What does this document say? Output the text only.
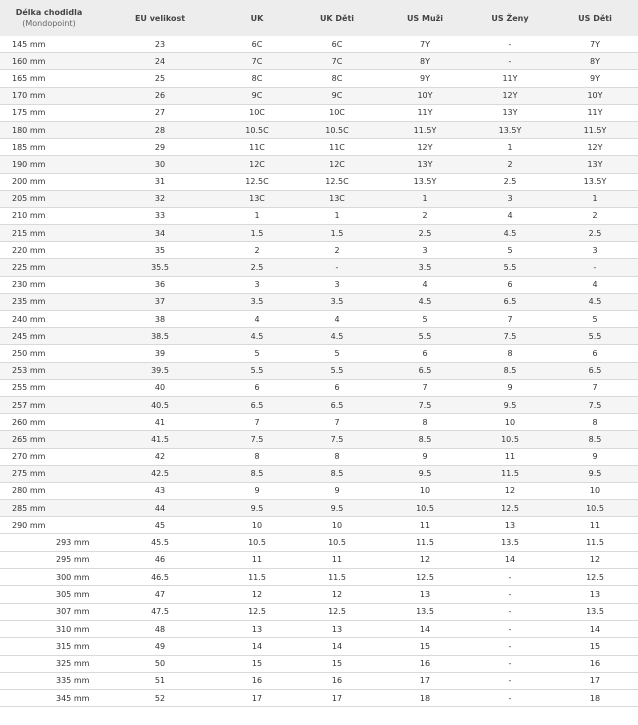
Délka chodidla
(Mondopoint)	EU velikost	UK	UK Děti	US Muži	US Ženy	US Děti
145 mm	23	6C	6C	7Y	-	7Y
160 mm	24	7C	7C	8Y	-	8Y
165 mm	25	8C	8C	9Y	11Y	9Y
170 mm	26	9C	9C	10Y	12Y	10Y
175 mm	27	10C	10C	11Y	13Y	11Y
180 mm	28	10.5C	10.5C	11.5Y	13.5Y	11.5Y
185 mm	29	11C	11C	12Y	1	12Y
190 mm	30	12C	12C	13Y	2	13Y
200 mm	31	12.5C	12.5C	13.5Y	2.5	13.5Y
205 mm	32	13C	13C	1	3	1
210 mm	33	1	1	2	4	2
215 mm	34	1.5	1.5	2.5	4.5	2.5
220 mm	35	2	2	3	5	3
225 mm	35.5	2.5	-	3.5	5.5	-
230 mm	36	3	3	4	6	4
235 mm	37	3.5	3.5	4.5	6.5	4.5
240 mm	38	4	4	5	7	5
245 mm	38.5	4.5	4.5	5.5	7.5	5.5
250 mm	39	5	5	6	8	6
253 mm	39.5	5.5	5.5	6.5	8.5	6.5
255 mm	40	6	6	7	9	7
257 mm	40.5	6.5	6.5	7.5	9.5	7.5
260 mm	41	7	7	8	10	8
265 mm	41.5	7.5	7.5	8.5	10.5	8.5
270 mm	42	8	8	9	11	9
275 mm	42.5	8.5	8.5	9.5	11.5	9.5
280 mm	43	9	9	10	12	10
285 mm	44	9.5	9.5	10.5	12.5	10.5
290 mm	45	10	10	11	13	11
293 mm	45.5	10.5	10.5	11.5	13.5	11.5
295 mm	46	11	11	12	14	12
300 mm	46.5	11.5	11.5	12.5	-	12.5
305 mm	47	12	12	13	-	13
307 mm	47.5	12.5	12.5	13.5	-	13.5
310 mm	48	13	13	14	-	14
315 mm	49	14	14	15	-	15
325 mm	50	15	15	16	-	16
335 mm	51	16	16	17	-	17
345 mm	52	17	17	18	-	18
